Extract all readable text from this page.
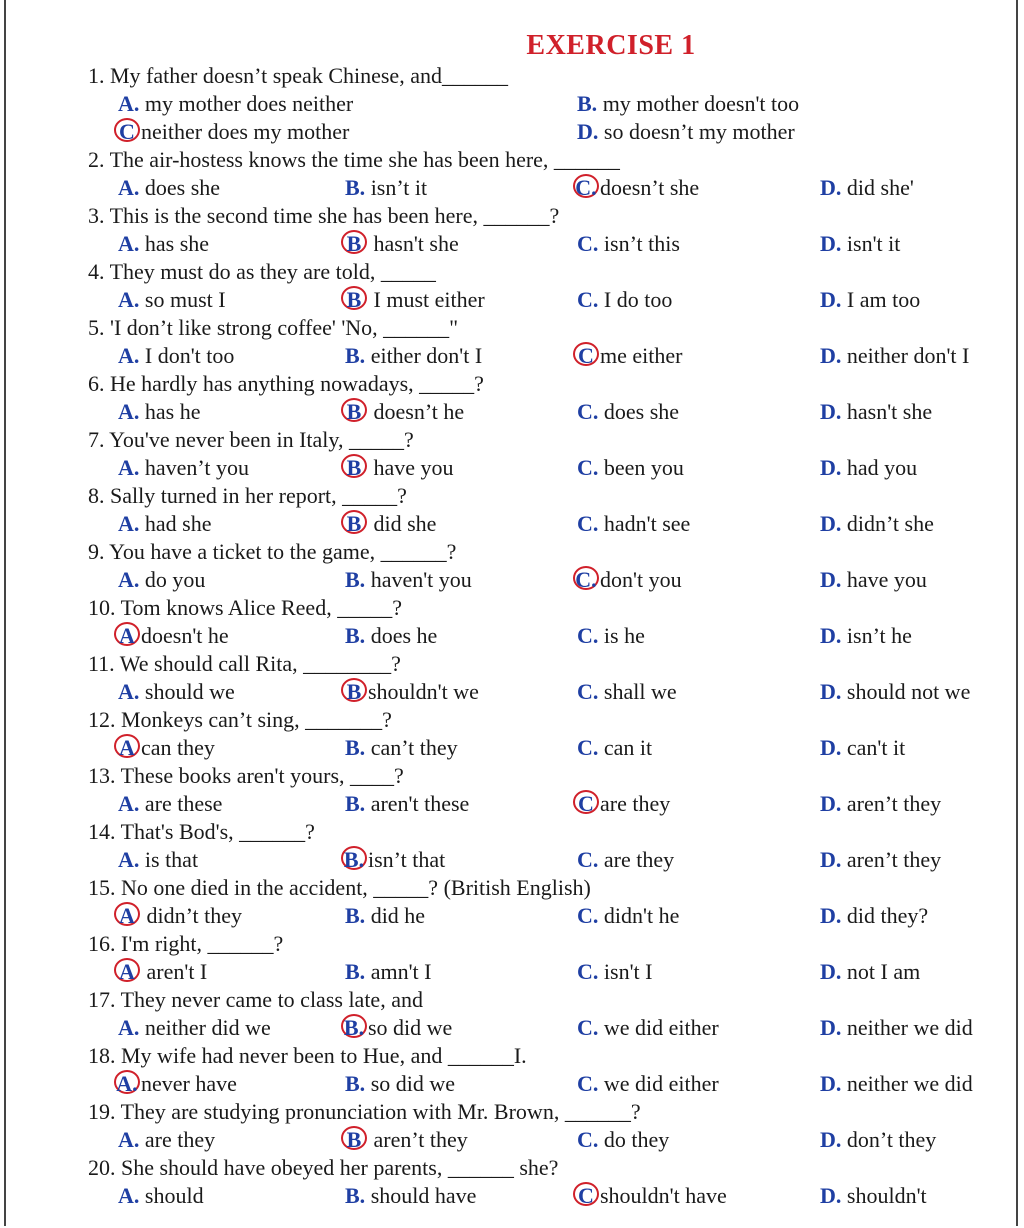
EXERCISE 1
1. My father doesn’t speak Chinese, and______
A. my mother does neither	B. my mother doesn't too
C neither does my mother	D. so doesn’t my mother
2. The air-hostess knows the time she has been here, ______
A. does she	B. isn’t it	C. doesn’t she	D. did she'
3. This is the second time she has been here, ______?
A. has she	B hasn't she	C. isn’t this	D. isn't it
4. They must do as they are told, _____
A. so must I	B I must either	C. I do too	D. I am too
5. 'I don’t like strong coffee' 'No, ______"
A. I don't too	B. either don't I	C me either	D. neither don't I
6. He hardly has anything nowadays, _____?
A. has he	B doesn’t he	C. does she	D. hasn't she
7. You've never been in Italy, _____?
A. haven’t you	B have you	C. been you	D. had you
8. Sally turned in her report, _____?
A. had she	B did she	C. hadn't see	D. didn’t she
9. You have a ticket to the game, ______?
A. do you	B. haven't you	C. don't you	D. have you
10. Tom knows Alice Reed, _____?
A doesn't he	B. does he	C. is he	D. isn’t he
11. We should call Rita, ________?
A. should we	B shouldn't we	C. shall we	D. should not we
12. Monkeys can’t sing, _______?
A can they	B. can’t they	C. can it	D. can't it
13. These books aren't yours, ____?
A. are these	B. aren't these	C are they	D. aren’t they
14. That's Bod's, ______?
A. is that	B. isn’t that	C. are they	D. aren’t they
15. No one died in the accident, _____? (British English)
A didn’t they	B. did he	C. didn't he	D. did they?
16. I'm right, ______?
A aren't I	B. amn't I	C. isn't I	D. not I am
17. They never came to class late, and
A. neither did we	B. so did we	C. we did either	D. neither we did
18. My wife had never been to Hue, and ______I.
A. never have	B. so did we	C. we did either	D. neither we did
19. They are studying pronunciation with Mr. Brown, ______?
A. are they	B aren’t they	C. do they	D. don’t they
20. She should have obeyed her parents, ______ she?
A. should	B. should have	C shouldn't have	D. shouldn't
